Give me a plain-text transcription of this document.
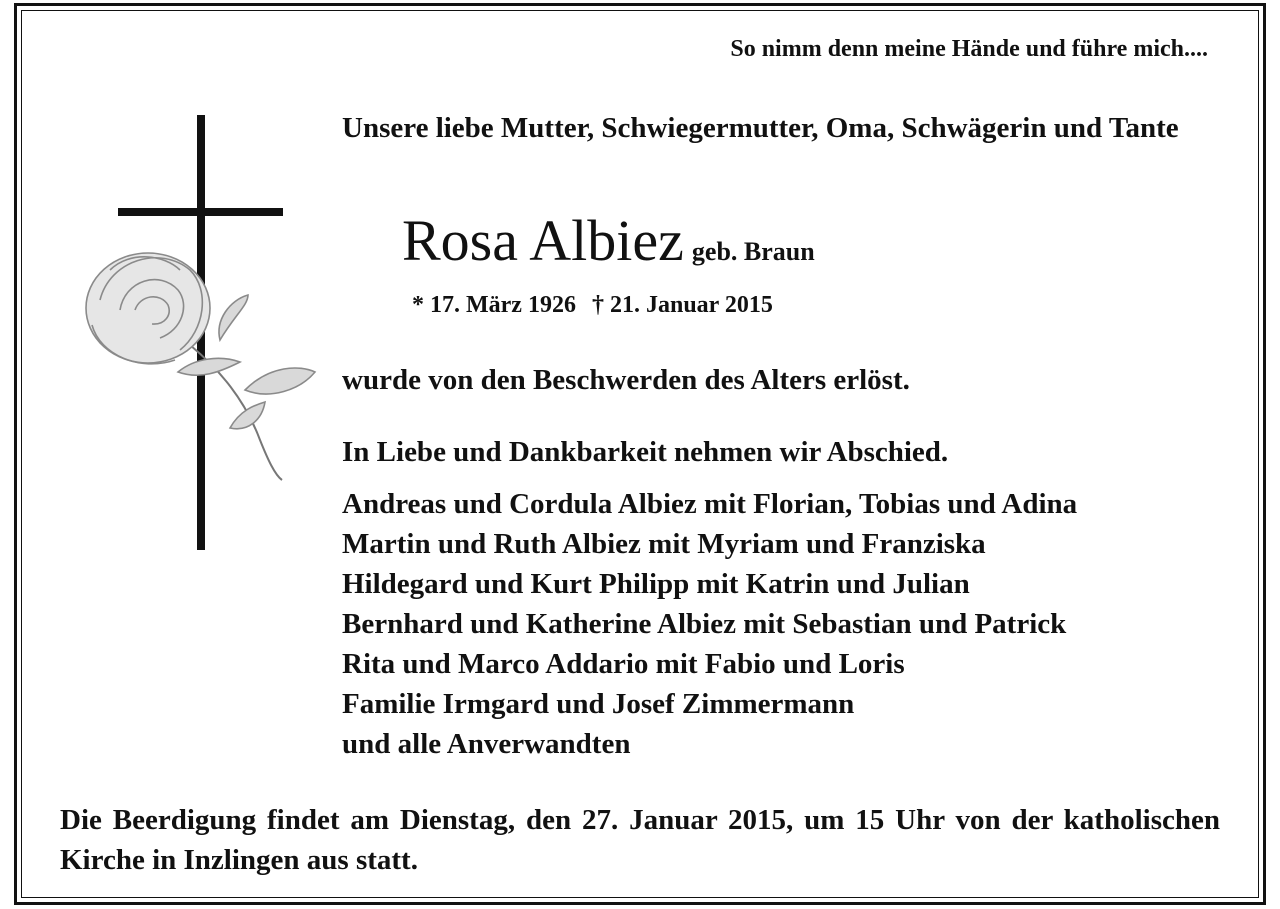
So nimm denn meine Hände und führe mich....
Unsere liebe Mutter, Schwiegermutter, Oma, Schwägerin und Tante
Rosa Albiez geb. Braun
* 17. März 1926 † 21. Januar 2015
wurde von den Beschwerden des Alters erlöst.
In Liebe und Dankbarkeit nehmen wir Abschied.
Andreas und Cordula Albiez mit Florian, Tobias und Adina
Martin und Ruth Albiez mit Myriam und Franziska
Hildegard und Kurt Philipp mit Katrin und Julian
Bernhard und Katherine Albiez mit Sebastian und Patrick
Rita und Marco Addario mit Fabio und Loris
Familie Irmgard und Josef Zimmermann
und alle Anverwandten
Die Beerdigung findet am Dienstag, den 27. Januar 2015, um 15 Uhr von der katholischen Kirche in Inzlingen aus statt.
